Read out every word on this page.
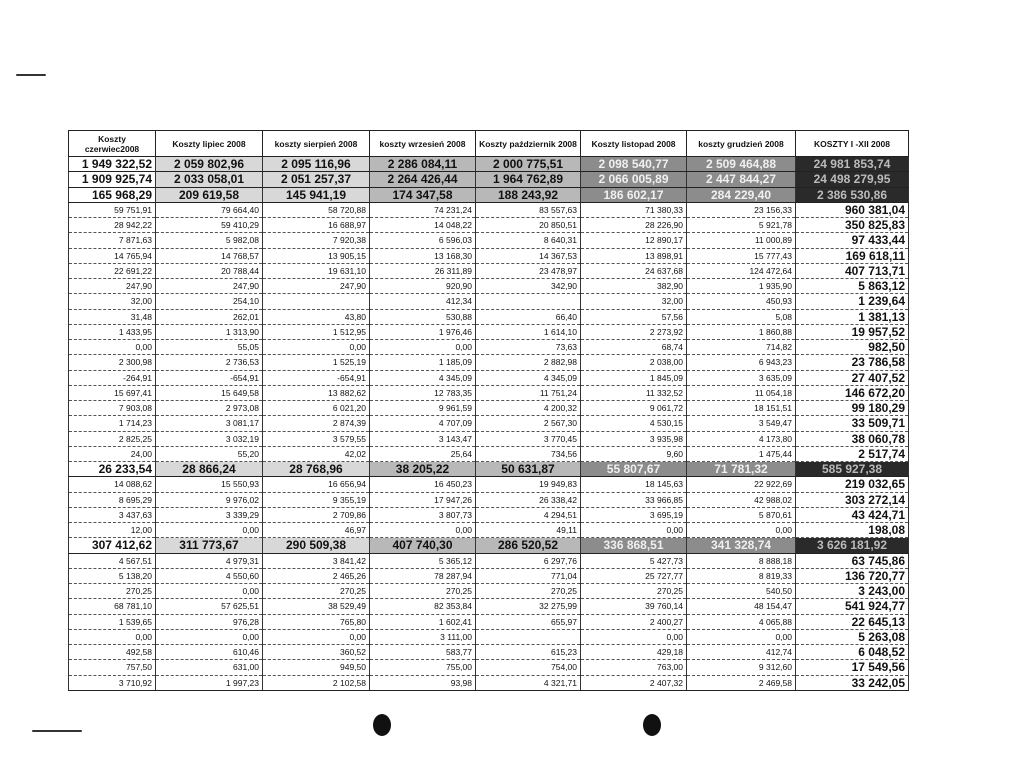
Koszty czerwiec2008	Koszty lipiec 2008	koszty sierpień 2008	koszty wrzesień 2008	Koszty październik 2008	Koszty listopad 2008	koszty grudzień 2008	KOSZTY I -XII 2008
1 949 322,52	2 059 802,96	2 095 116,96	2 286 084,11	2 000 775,51	2 098 540,77	2 509 464,88	24 981 853,74
1 909 925,74	2 033 058,01	2 051 257,37	2 264 426,44	1 964 762,89	2 066 005,89	2 447 844,27	24 498 279,95
165 968,29	209 619,58	145 941,19	174 347,58	188 243,92	186 602,17	284 229,40	2 386 530,86
59 751,91	79 664,40	58 720,88	74 231,24	83 557,63	71 380,33	23 156,33	960 381,04
28 942,22	59 410,29	16 688,97	14 048,22	20 850,51	28 226,90	5 921,78	350 825,83
7 871,63	5 982,08	7 920,38	6 596,03	8 640,31	12 890,17	11 000,89	97 433,44
14 765,94	14 768,57	13 905,15	13 168,30	14 367,53	13 898,91	15 777,43	169 618,11
22 691,22	20 788,44	19 631,10	26 311,89	23 478,97	24 637,68	124 472,64	407 713,71
247,90	247,90	247,90	920,90	342,90	382,90	1 935,90	5 863,12
32,00	254,10		412,34		32,00	450,93	1 239,64
31,48	262,01	43,80	530,88	66,40	57,56	5,08	1 381,13
1 433,95	1 313,90	1 512,95	1 976,46	1 614,10	2 273,92	1 860,88	19 957,52
0,00	55,05	0,00	0,00	73,63	68,74	714,82	982,50
2 300,98	2 736,53	1 525,19	1 185,09	2 882,98	2 038,00	6 943,23	23 786,58
-264,91	-654,91	-654,91	4 345,09	4 345,09	1 845,09	3 635,09	27 407,52
15 697,41	15 649,58	13 882,62	12 783,35	11 751,24	11 332,52	11 054,18	146 672,20
7 903,08	2 973,08	6 021,20	9 961,59	4 200,32	9 061,72	18 151,51	99 180,29
1 714,23	3 081,17	2 874,39	4 707,09	2 567,30	4 530,15	3 549,47	33 509,71
2 825,25	3 032,19	3 579,55	3 143,47	3 770,45	3 935,98	4 173,80	38 060,78
24,00	55,20	42,02	25,64	734,56	9,60	1 475,44	2 517,74
26 233,54	28 866,24	28 768,96	38 205,22	50 631,87	55 807,67	71 781,32	585 927,38
14 088,62	15 550,93	16 656,94	16 450,23	19 949,83	18 145,63	22 922,69	219 032,65
8 695,29	9 976,02	9 355,19	17 947,26	26 338,42	33 966,85	42 988,02	303 272,14
3 437,63	3 339,29	2 709,86	3 807,73	4 294,51	3 695,19	5 870,61	43 424,71
12,00	0,00	46,97	0,00	49,11	0,00	0,00	198,08
307 412,62	311 773,67	290 509,38	407 740,30	286 520,52	336 868,51	341 328,74	3 626 181,92
4 567,51	4 979,31	3 841,42	5 365,12	6 297,76	5 427,73	8 888,18	63 745,86
5 138,20	4 550,60	2 465,26	78 287,94	771,04	25 727,77	8 819,33	136 720,77
270,25	0,00	270,25	270,25	270,25	270,25	540,50	3 243,00
68 781,10	57 625,51	38 529,49	82 353,84	32 275,99	39 760,14	48 154,47	541 924,77
1 539,65	976,28	765,80	1 602,41	655,97	2 400,27	4 065,88	22 645,13
0,00	0,00	0,00	3 111,00		0,00	0,00	5 263,08
492,58	610,46	360,52	583,77	615,23	429,18	412,74	6 048,52
757,50	631,00	949,50	755,00	754,00	763,00	9 312,60	17 549,56
3 710,92	1 997,23	2 102,58	93,98	4 321,71	2 407,32	2 469,58	33 242,05
